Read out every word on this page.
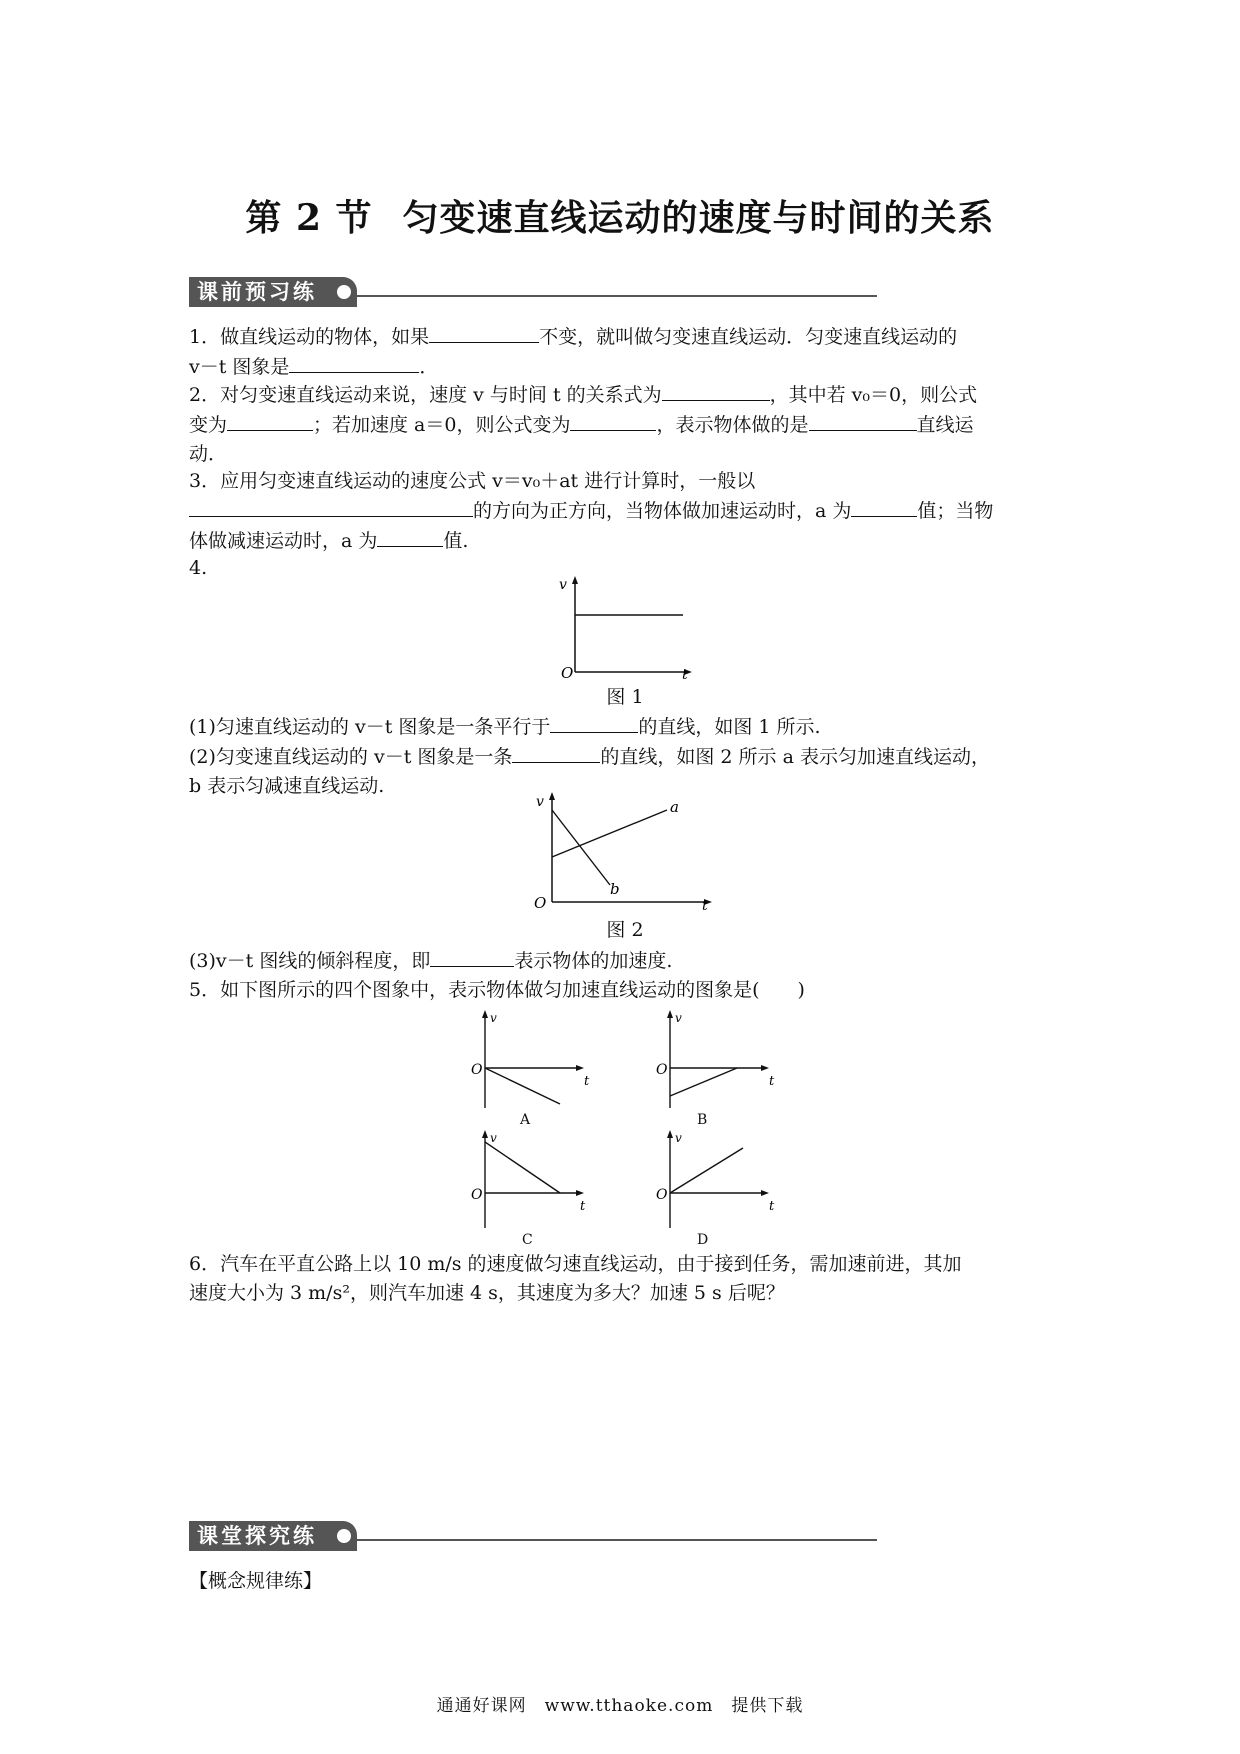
第 2 节 匀变速直线运动的速度与时间的关系
课前预习练

1．做直线运动的物体，如果	不变，就叫做匀变速直线运动．匀变速直线运动的

v－t 图象是	．

2．对匀变速直线运动来说，速度 v 与时间 t 的关系式为	，其中若 v₀＝0，则公式

变为	；若加速度 a＝0，则公式变为	，表示物体做的是	直线运

动．

3．应用匀变速直线运动的速度公式 v＝v₀＋at 进行计算时，一般以

的方向为正方向，当物体做加速运动时，a 为	值；当物

体做减速运动时，a 为	值.

4.

v
O	t
图 1

(1)匀速直线运动的 v－t 图象是一条平行于	的直线，如图 1 所示.

(2)匀变速直线运动的 v－t 图象是一条	的直线，如图 2 所示 a 表示匀加速直线运动，

b 表示匀减速直线运动.

v
O	t
a
b
图 2

(3)v－t 图线的倾斜程度，即	表示物体的加速度.

5．如下图所示的四个图象中，表示物体做匀加速直线运动的图象是(　　)

v
O
t
A
v
O
t
B
v
O
t
C
v
O
t
D

6．汽车在平直公路上以 10 m/s 的速度做匀速直线运动，由于接到任务，需加速前进，其加

速度大小为 3 m/s²，则汽车加速 4 s，其速度为多大？加速 5 s 后呢？

课堂探究练

【概念规律练】

通通好课网　www.tthaoke.com　提供下载
